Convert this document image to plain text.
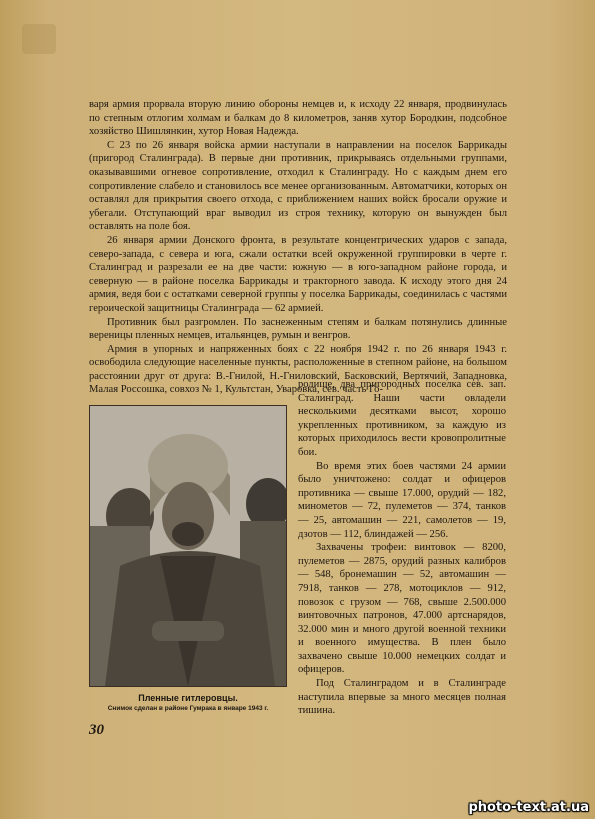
варя армия прорвала вторую линию обороны немцев и, к исходу 22 января, продвинулась по степным отлогим холмам и балкам до 8 километров, заняв хутор Бородкин, подсобное хозяйство Шишлянкин, хутор Новая Надежда.

С 23 по 26 января войска армии наступали в направлении на поселок Баррикады (пригород Сталинграда). В первые дни противник, прикрываясь отдельными группами, оказывавшими огневое сопротивление, отходил к Сталинграду. Но с каждым днем его сопротивление слабело и становилось все менее организованным. Автоматчики, которых он оставлял для прикрытия своего отхода, с приближением наших войск бросали оружие и убегали. Отступающий враг выводил из строя технику, которую он вынужден был оставлять на поле боя.

26 января армии Донского фронта, в результате концентрических ударов с запада, северо-запада, с севера и юга, сжали остатки всей окруженной группировки в черте г. Сталинград и разрезали ее на две части: южную — в юго-западном районе города, и северную — в районе поселка Баррикады и тракторного завода. К исходу этого дня 24 армия, ведя бои с остатками северной группы у поселка Баррикады, соединилась с частями героической защитницы Сталинграда — 62 армией.

Противник был разгромлен. По заснеженным степям и балкам потянулись длинные вереницы пленных немцев, итальянцев, румын и венгров.

Армия в упорных и напряженных боях с 22 ноября 1942 г. по 26 января 1943 г. освободила следующие населенные пункты, расположенные в степном районе, на большом расстоянии друг от друга: В.-Гнилой, Н.-Гниловский, Басковский, Вертячий, Западновка, Малая Россошка, совхоз № 1, Культстан, Уваровка, сев. часть Го-

Пленные гитлеровцы.
Снимок сделан в районе Гумрака в январе 1943 г.

родище, два пригородных поселка сев. зап. Сталинград. Наши части овладели несколькими десятками высот, хорошо укрепленных противником, за каждую из которых приходилось вести кровопролитные бои.

Во время этих боев частями 24 армии было уничтожено: солдат и офицеров противника — свыше 17.000, орудий — 182, минометов — 72, пулеметов — 374, танков — 25, автомашин — 221, самолетов — 19, дзотов — 112, блиндажей — 256.

Захвачены трофеи: винтовок — 8200, пулеметов — 2875, орудий разных калибров — 548, бронемашин — 52, автомашин — 7918, танков — 278, мотоциклов — 912, повозок с грузом — 768, свыше 2.500.000 винтовочных патронов, 47.000 артснарядов, 32.000 мин и много другой военной техники и военного имущества. В плен было захвачено свыше 10.000 немецких солдат и офицеров.

Под Сталинградом и в Сталинграде наступила впервые за много месяцев полная тишина.

30
photo-text.at.ua
